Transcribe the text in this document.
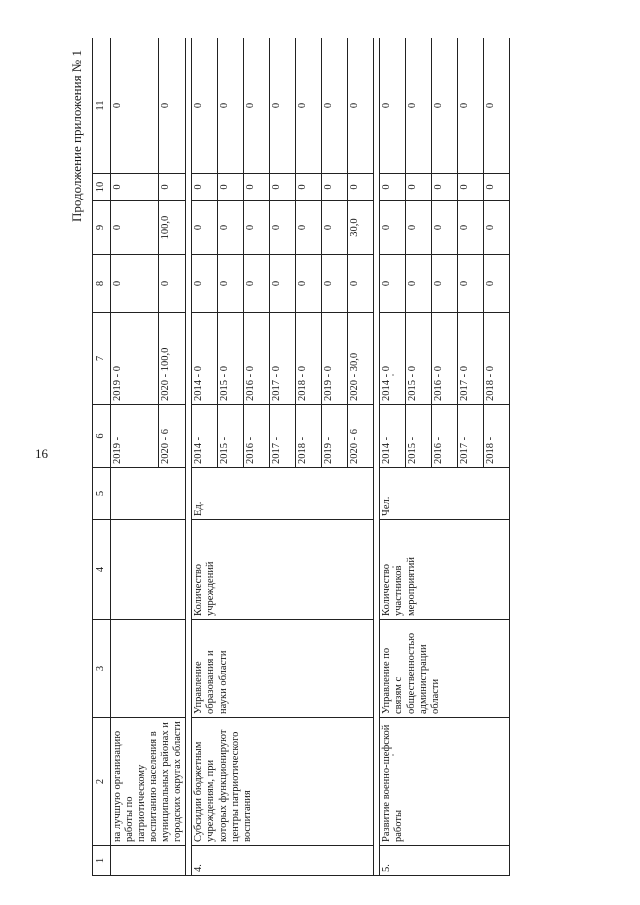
16
Продолжение приложения № 1
1	2	3	4	5	6	7	8	9	10	11
	на лучшую организацию работы по патриотическому воспитанию населения в муниципальных районах и городских округах области				2019 -	2019 - 0	0	0	0	0
					2020 - 6	2020 - 100,0	0	100,0	0	0

4.	Субсидии бюджетным учреждениям, при которых функционируют центры патриотического воспитания	Управление образования и науки области	Количество учреждений	Ед.	2014 -	2014 - 0	0	0	0	0
					2015 -	2015 - 0	0	0	0	0
					2016 -	2016 - 0	0	0	0	0
					2017 -	2017 - 0	0	0	0	0
					2018 -	2018 - 0	0	0	0	0
					2019 -	2019 - 0	0	0	0	0
					2020 - 6	2020 - 30,0	0	30,0	0	0

5.	Развитие военно-шефской работы	Управление по связям с общественностью администрации области	Количество участников мероприятий	Чел.	2014 -	2014 - 0	0	0	0	0
					2015 -	2015 - 0	0	0	0	0
					2016 -	2016 - 0	0	0	0	0
					2017 -	2017 - 0	0	0	0	0
					2018 -	2018 - 0	0	0	0	0
